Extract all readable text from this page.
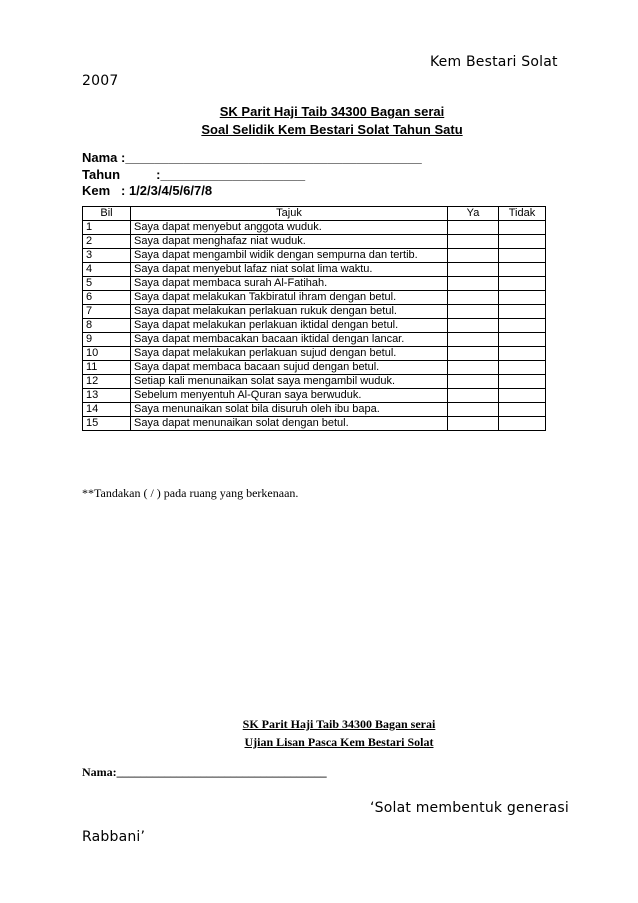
Kem Bestari Solat
2007
SK Parit Haji Taib 34300 Bagan serai
Soal Selidik Kem Bestari Solat Tahun Satu
Nama :_________________________________________
Tahun          :____________________
Kem   : 1/2/3/4/5/6/7/8
Bil	Tajuk	Ya	Tidak
1	Saya dapat menyebut anggota wuduk.		
2	Saya dapat menghafaz niat wuduk.		
3	Saya dapat mengambil widik dengan sempurna dan tertib.		
4	Saya dapat menyebut lafaz niat solat lima waktu.		
5	Saya dapat membaca surah Al-Fatihah.		
6	Saya dapat melakukan Takbiratul ihram dengan betul.		
7	Saya dapat melakukan perlakuan rukuk dengan betul.		
8	Saya dapat melakukan perlakuan iktidal dengan betul.		
9	Saya dapat membacakan bacaan iktidal dengan lancar.		
10	Saya dapat melakukan perlakuan sujud dengan betul.		
11	Saya dapat membaca bacaan sujud dengan betul.		
12	Setiap kali menunaikan solat saya mengambil wuduk.		
13	Sebelum menyentuh Al-Quran saya berwuduk.		
14	Saya menunaikan solat bila disuruh oleh ibu bapa.		
15	Saya dapat menunaikan solat dengan betul.		
**Tandakan ( / ) pada ruang yang berkenaan.
SK Parit Haji Taib 34300 Bagan serai
Ujian Lisan Pasca Kem Bestari Solat
Nama:___________________________________
‘Solat membentuk generasi
Rabbani’
